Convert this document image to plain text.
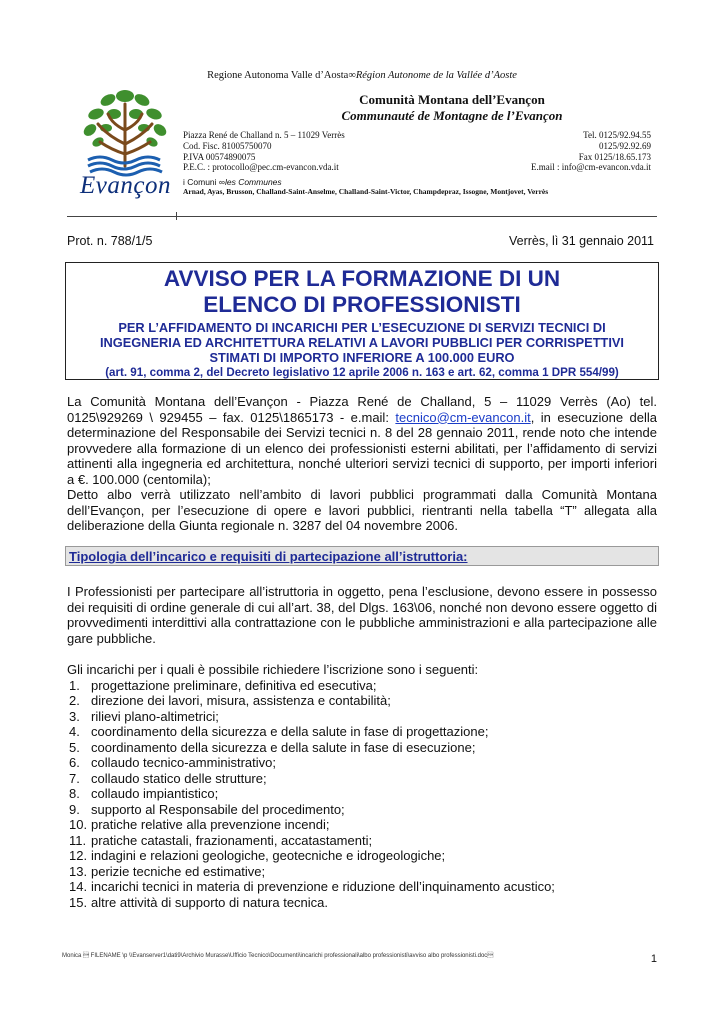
Regione Autonoma Valle d’Aosta∞Région Autonome de la Vallée d’Aoste
Evançon
Comunità Montana dell’Evançon
Communauté de Montagne de l’Evançon
Piazza René de Challand n. 5 – 11029 Verrès
Cod. Fisc. 81005750070
P.IVA 00574890075
P.E.C. : protocollo@pec.cm-evancon.vda.it
Tel. 0125/92.94.55
0125/92.92.69
Fax 0125/18.65.173
E.mail : info@cm-evancon.vda.it
i Comuni ∞les Communes
Arnad, Ayas, Brusson, Challand-Saint-Anselme, Challand-Saint-Victor, Champdepraz, Issogne, Montjovet, Verrès
Prot. n. 788/1/5	Verrès, lì 31 gennaio 2011
AVVISO PER LA FORMAZIONE DI UN
ELENCO DI PROFESSIONISTI
PER L’AFFIDAMENTO DI INCARICHI PER L’ESECUZIONE DI SERVIZI TECNICI DI
INGEGNERIA ED ARCHITETTURA RELATIVI A LAVORI PUBBLICI PER CORRISPETTIVI
STIMATI DI IMPORTO INFERIORE A 100.000 EURO
(art. 91, comma 2, del Decreto legislativo 12 aprile 2006 n. 163 e art. 62, comma 1 DPR 554/99)
La Comunità Montana dell’Evançon - Piazza René de Challand, 5 – 11029 Verrès (Ao) tel. 0125\929269 \ 929455 – fax. 0125\1865173 - e.mail: tecnico@cm-evancon.it, in esecuzione della determinazione del Responsabile dei Servizi tecnici n. 8 del 28 gennaio 2011, rende noto che intende provvedere alla formazione di un elenco dei professionisti esterni abilitati, per l’affidamento di servizi attinenti alla ingegneria ed architettura, nonché ulteriori servizi tecnici di supporto, per importi inferiori a €. 100.000 (centomila);
Detto albo verrà utilizzato nell’ambito di lavori pubblici programmati dalla Comunità Montana dell’Evançon, per l’esecuzione di opere e lavori pubblici, rientranti nella tabella “T” allegata alla deliberazione della Giunta regionale n. 3287 del 04 novembre 2006.
Tipologia dell’incarico e requisiti di partecipazione all’istruttoria:
I Professionisti per partecipare all’istruttoria in oggetto, pena l’esclusione, devono essere in possesso dei requisiti di ordine generale di cui all’art. 38, del Dlgs. 163\06, nonché non devono essere oggetto di provvedimenti interdittivi alla contrattazione con le pubbliche amministrazioni e alla partecipazione alle gare pubbliche.
Gli incarichi per i quali è possibile richiedere l’iscrizione sono i seguenti:
1. progettazione preliminare, definitiva ed esecutiva;
2. direzione dei lavori, misura, assistenza e contabilità;
3. rilievi plano-altimetrici;
4. coordinamento della sicurezza e della salute in fase di progettazione;
5. coordinamento della sicurezza e della salute in fase di esecuzione;
6. collaudo tecnico-amministrativo;
7. collaudo statico delle strutture;
8. collaudo impiantistico;
9. supporto al Responsabile del procedimento;
10. pratiche relative alla prevenzione incendi;
11. pratiche catastali, frazionamenti, accatastamenti;
12. indagini e relazioni geologiche, geotecniche e idrogeologiche;
13. perizie tecniche ed estimative;
14. incarichi tecnici in materia di prevenzione e riduzione dell’inquinamento acustico;
15. altre attività di supporto di natura tecnica.
Monica  FILENAME \p \\Evanserver1\dati9\Archivio Murasse\Ufficio Tecnico\Documenti\incarichi professionali\albo professionisti\avviso albo professionisti.doc	1
